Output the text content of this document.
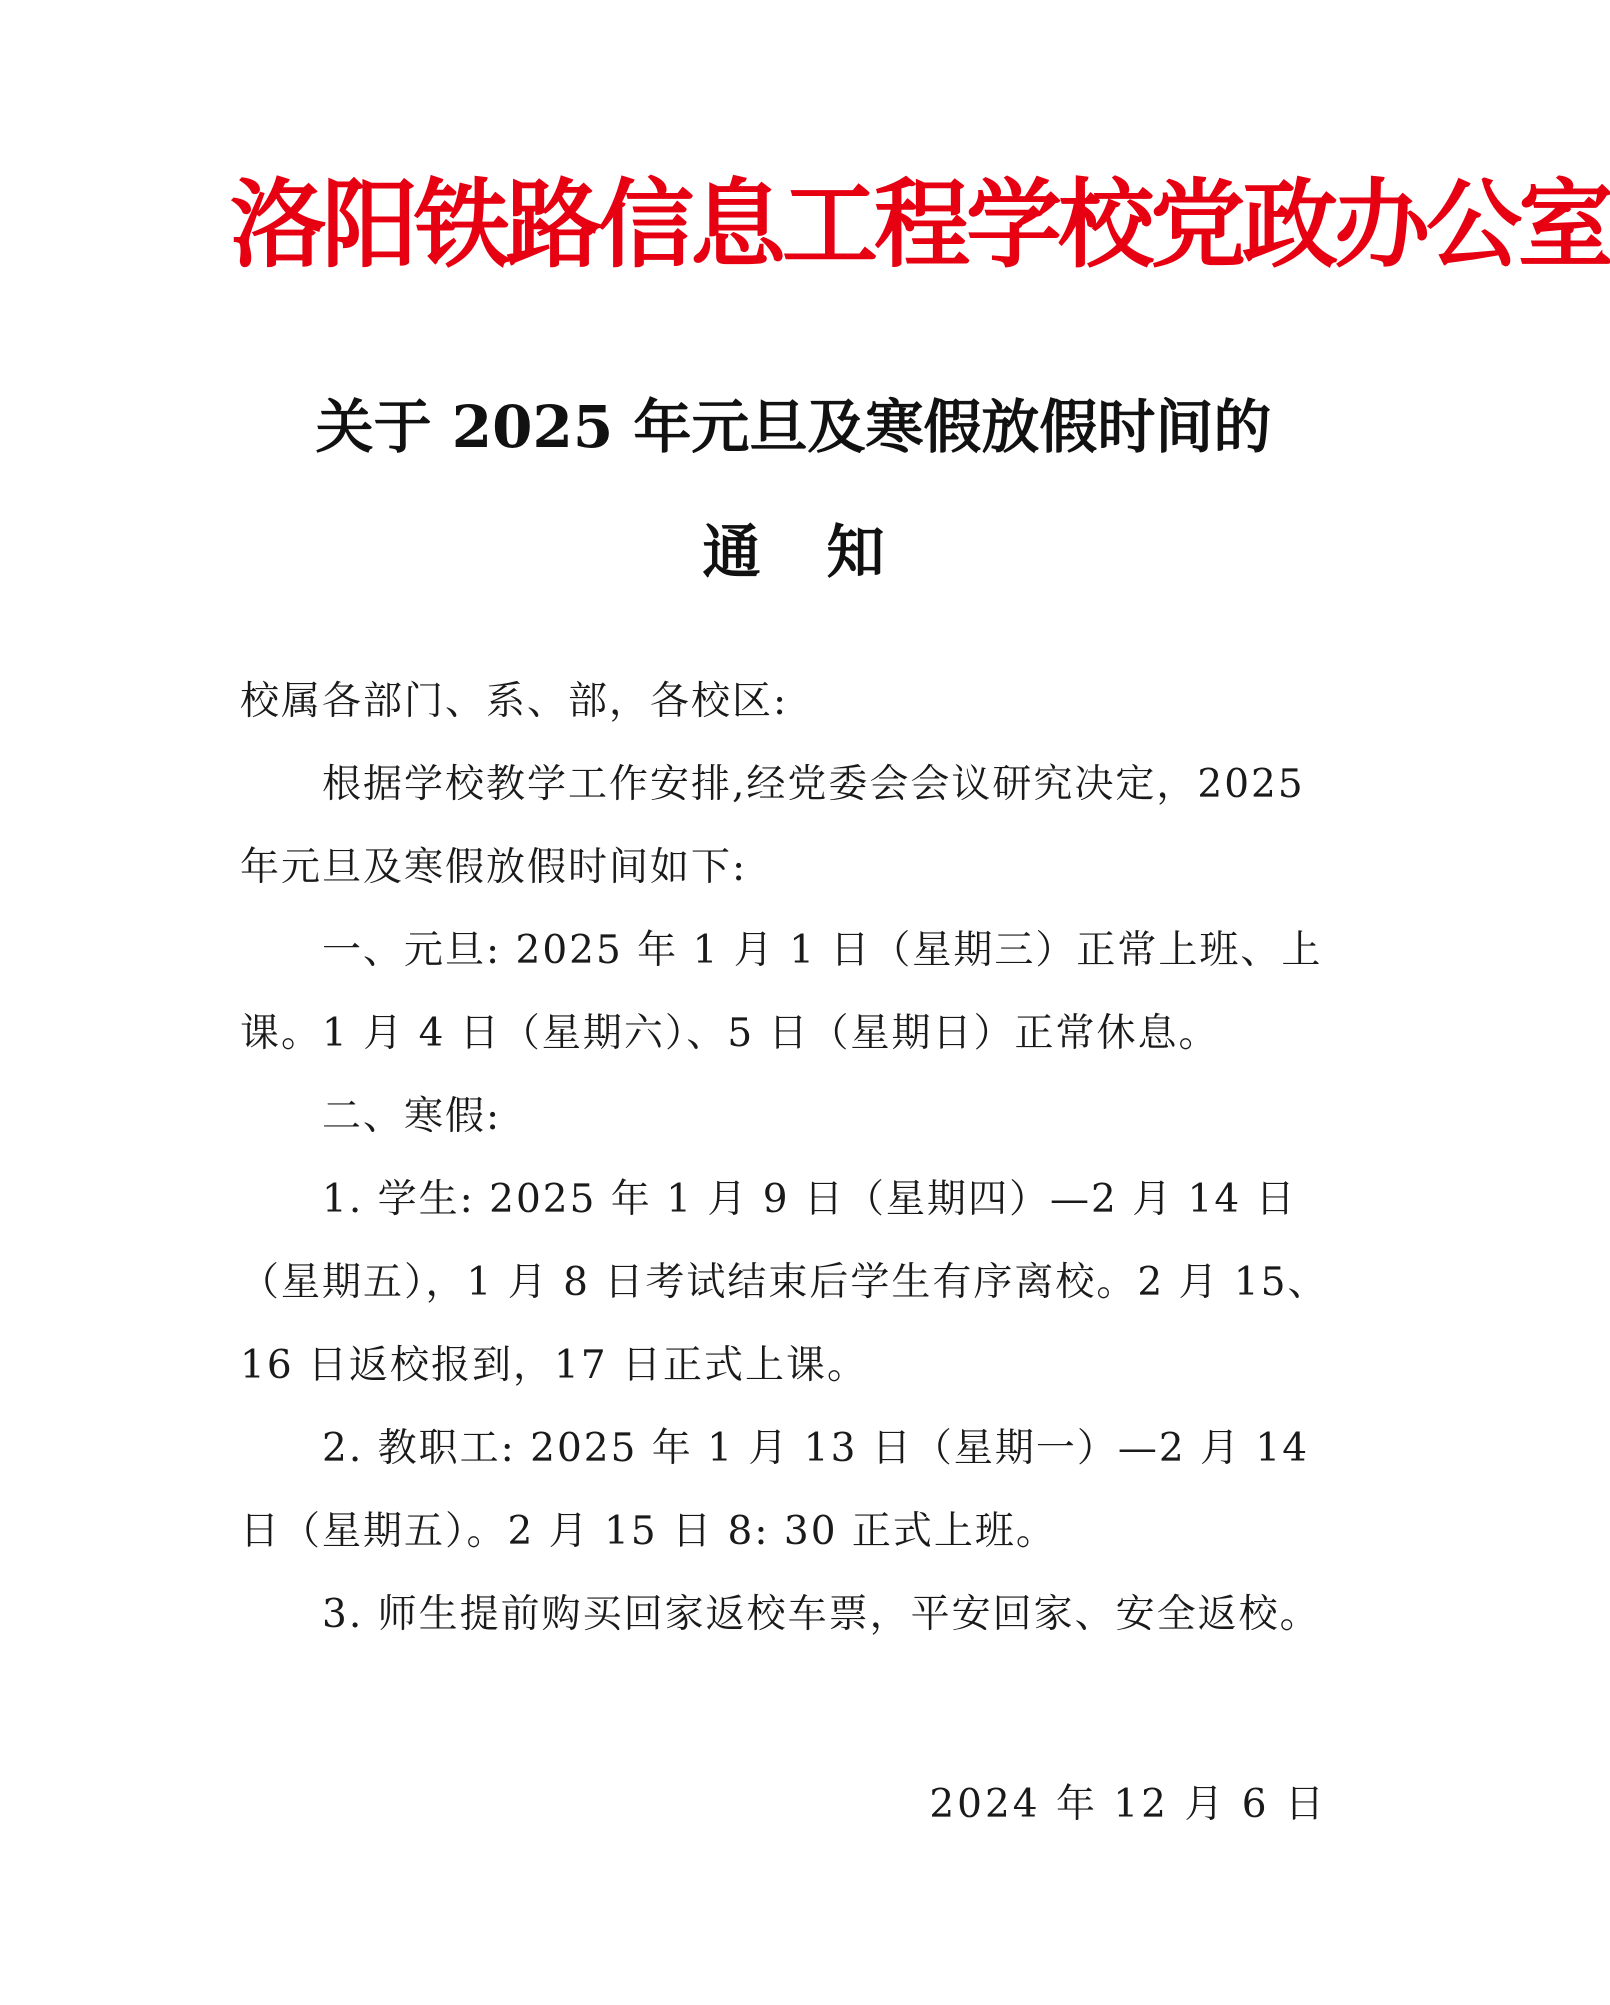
洛阳铁路信息工程学校党政办公室
关于 2025 年元旦及寒假放假时间的
通知
校属各部门、系、部，各校区:

根据学校教学工作安排,经党委会会议研究决定，2025 年元旦及寒假放假时间如下:

一、元旦: 2025 年 1 月 1 日（星期三）正常上班、上课。1 月 4 日（星期六）、5 日（星期日）正常休息。

二、寒假:

1. 学生: 2025 年 1 月 9 日（星期四）—2 月 14 日（星期五），1 月 8 日考试结束后学生有序离校。2 月 15、16 日返校报到，17 日正式上课。

2. 教职工: 2025 年 1 月 13 日（星期一）—2 月 14 日（星期五）。2 月 15 日 8: 30 正式上班。

3. 师生提前购买回家返校车票，平安回家、安全返校。

2024 年 12 月 6 日
